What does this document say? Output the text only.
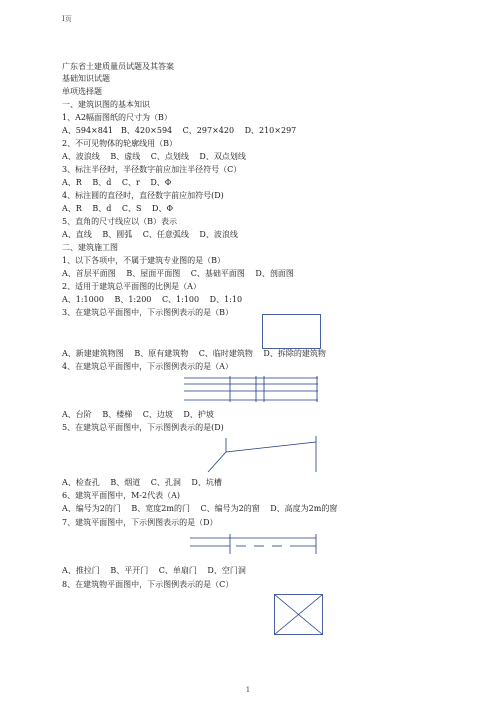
I页
广东省土建质量员试题及其答案
基础知识试题
单项选择题
一、建筑识图的基本知识
1、A2幅面图纸的尺寸为（B）
A、594×841　B、420×594　 C、297×420　 D、210×297
2、不可见物体的轮廓线用（B）
A、波浪线　 B、虚线　 C、点划线　 D、双点划线
3、标注半径时，半径数字前应加注半径符号（C）
A、R　 B、d　 C、r　 D、Φ
4、标注圆的直径时，直径数字前应加符号(D)
A、R　 B、d　 C、S　 D、Φ
5、直角的尺寸线应以（B）表示
A、直线　 B、圆弧　 C、任意弧线　 D、波浪线
二、建筑施工图
1、以下各项中，不属于建筑专业图的是（B）
A、首层平面图　 B、屋面平面图　 C、基础平面图　 D、剖面图
2、适用于建筑总平面图的比例是（A）
A、1:1000　 B、1:200　 C、1:100　 D、1:10
3、在建筑总平面图中，下示图例表示的是（B）
A、新建建筑物图　 B、原有建筑物　 C、临时建筑物　 D、拆除的建筑物
4、在建筑总平面图中，下示图例表示的是（A）
A、台阶　 B、楼梯　 C、边坡　 D、护坡
5、在建筑总平面图中，下示图例表示的是(D)
A、检查孔　 B、烟道　 C、孔洞　 D、坑槽
6、建筑平面图中，M-2代表（A)
A、编号为2的门　 B、宽度2m的门　 C、编号为2的窗　 D、高度为2m的窗
7、建筑平面图中，下示例图表示的是（D）
A、推拉门　 B、平开门　 C、单扇门　 D、空门洞
8、在建筑物平面图中，下示图例表示的是（C）
1
